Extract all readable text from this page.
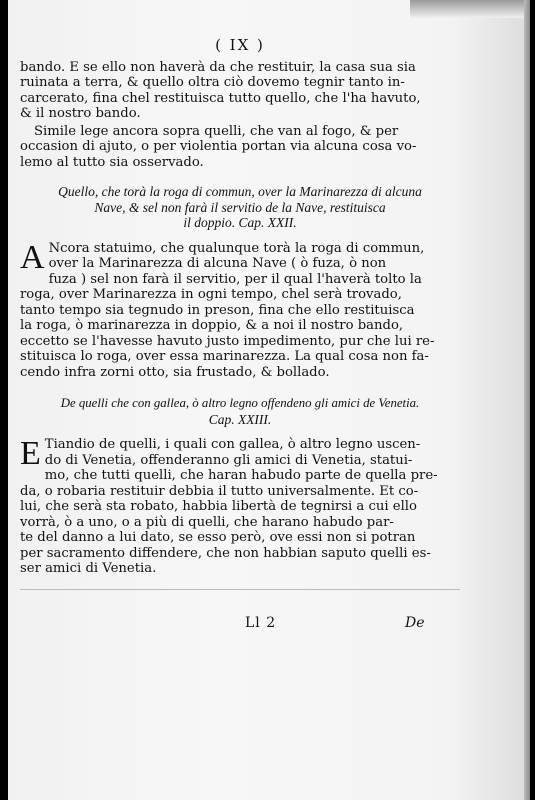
( IX )
bando. E se ello non haverà da che restituir, la casa sua sia
ruinata a terra, & quello oltra ciò dovemo tegnir tanto in-
carcerato, fina chel restituisca tutto quello, che l'ha havuto,
& il nostro bando.
Simile lege ancora sopra quelli, che van al fogo, & per
occasion di ajuto, o per violentia portan via alcuna cosa vo-
lemo al tutto sia osservado.
Quello, che torà la roga di commun, over la Marinarezza di alcuna
Nave, & sel non farà il servitio de la Nave, restituisca
il doppio. Cap. XXII.
A Ncora statuimo, che qualunque torà la roga di commun,
over la Marinarezza di alcuna Nave ( ò fuza, ò non
fuza ) sel non farà il servitio, per il qual l'haverà tolto la
roga, over Marinarezza in ogni tempo, chel serà trovado,
tanto tempo sia tegnudo in preson, fina che ello restituisca
la roga, ò marinarezza in doppio, & a noi il nostro bando,
eccetto se l'havesse havuto justo impedimento, pur che lui re-
stituisca lo roga, over essa marinarezza. La qual cosa non fa-
cendo infra zorni otto, sia frustado, & bollado.
De quelli che con gallea, ò altro legno offendeno gli amici de Venetia.
Cap. XXIII.
E Tiandio de quelli, i quali con gallea, ò altro legno uscen-
do di Venetia, offenderanno gli amici di Venetia, statui-
mo, che tutti quelli, che haran habudo parte de quella pre-
da, o robaria restituir debbia il tutto universalmente. Et co-
lui, che serà sta robato, habbia libertà de tegnirsi a cui ello
vorrà, ò a uno, o a più di quelli, che harano habudo par-
te del danno a lui dato, se esso però, ove essi non si potran
per sacramento diffendere, che non habbian saputo quelli es-
ser amici di Venetia.
Ll 2	De
